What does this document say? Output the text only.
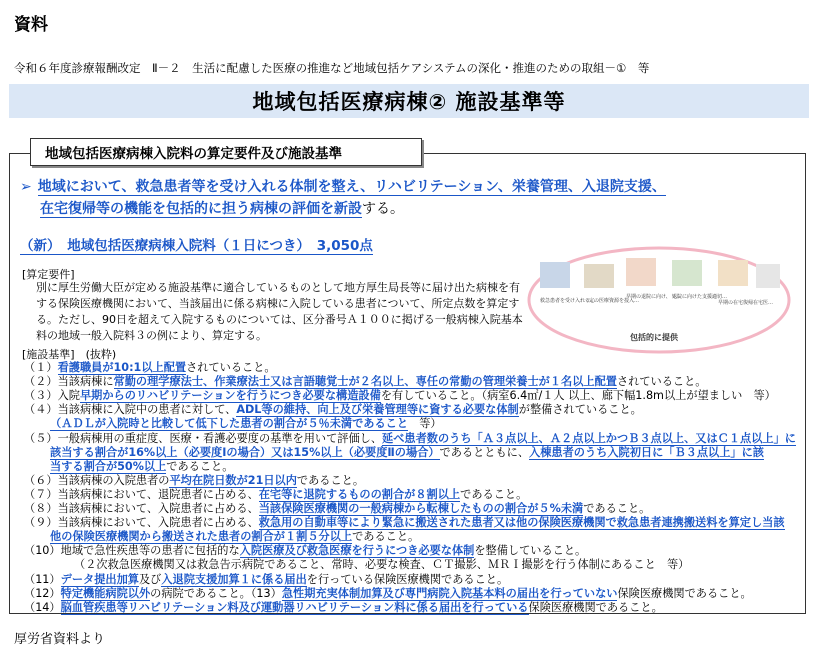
資料
令和６年度診療報酬改定　Ⅱ－２　生活に配慮した医療の推進など地域包括ケアシステムの深化・推進のための取組－①　等
地域包括医療病棟② 施設基準等
地域包括医療病棟入院料の算定要件及び施設基準
➢ 地域において、救急患者等を受け入れる体制を整え、リハビリテーション、栄養管理、入退院支援、
在宅復帰等の機能を包括的に担う病棟の評価を新設する。
（新）　地域包括医療病棟入院料（１日につき）　3,050点
[算定要件]
別に厚生労働大臣が定める施設基準に適合しているものとして地方厚生局長等に届け出た病棟を有する保険医療機関において、当該届出に係る病棟に入院している患者について、所定点数を算定する。ただし、90日を超えて入院するものについては、区分番号Ａ１００に掲げる一般病棟入院基本料の地域一般入院料３の例により、算定する。
救急患者を受け入れる…
一定の医療資源を投入…
早期の退院に向け、リ…
退院に向けた支援適切…
早期の在宅復帰在宅医…
包括的に提供
[施設基準]　(抜粋)
（１）看護職員が10:1以上配置されていること。
（２）当該病棟に常勤の理学療法士、作業療法士又は言語聴覚士が２名以上、専任の常勤の管理栄養士が１名以上配置されていること。
（３）入院早期からのリハビリテーションを行うにつき必要な構造設備を有していること。（病室6.4㎡/１人 以上、廊下幅1.8m以上が望ましい　等）
（４）当該病棟に入院中の患者に対して、ADL等の維持、向上及び栄養管理等に資する必要な体制が整備されていること。
（ＡＤＬが入院時と比較して低下した患者の割合が５％未満であること　等）
（５）一般病棟用の重症度、医療・看護必要度の基準を用いて評価し、延べ患者数のうち「Ａ３点以上、Ａ２点以上かつＢ３点以上、又はＣ１点以上」に
該当する割合が16%以上（必要度Ⅰの場合）又は15%以上（必要度Ⅱの場合）であるとともに、入棟患者のうち入院初日に「Ｂ３点以上」に該
当する割合が50%以上であること。
（６）当該病棟の入院患者の平均在院日数が21日以内であること。
（７）当該病棟において、退院患者に占める、在宅等に退院するものの割合が８割以上であること。
（８）当該病棟において、入院患者に占める、当該保険医療機関の一般病棟から転棟したものの割合が５%未満であること。
（９）当該病棟において、入院患者に占める、救急用の自動車等により緊急に搬送された患者又は他の保険医療機関で救急患者連携搬送料を算定し当該
他の保険医療機関から搬送された患者の割合が１割５分以上であること。
（10）地域で急性疾患等の患者に包括的な入院医療及び救急医療を行うにつき必要な体制を整備していること。
（２次救急医療機関又は救急告示病院であること、常時、必要な検査、ＣＴ撮影、ＭＲＩ撮影を行う体制にあること　等）
（11）データ提出加算及び入退院支援加算１に係る届出を行っている保険医療機関であること。
（12）特定機能病院以外の病院であること。（13）急性期充実体制加算及び専門病院入院基本料の届出を行っていない保険医療機関であること。
（14）脳血管疾患等リハビリテーション料及び運動器リハビリテーション料に係る届出を行っている保険医療機関であること。
厚労省資料より
